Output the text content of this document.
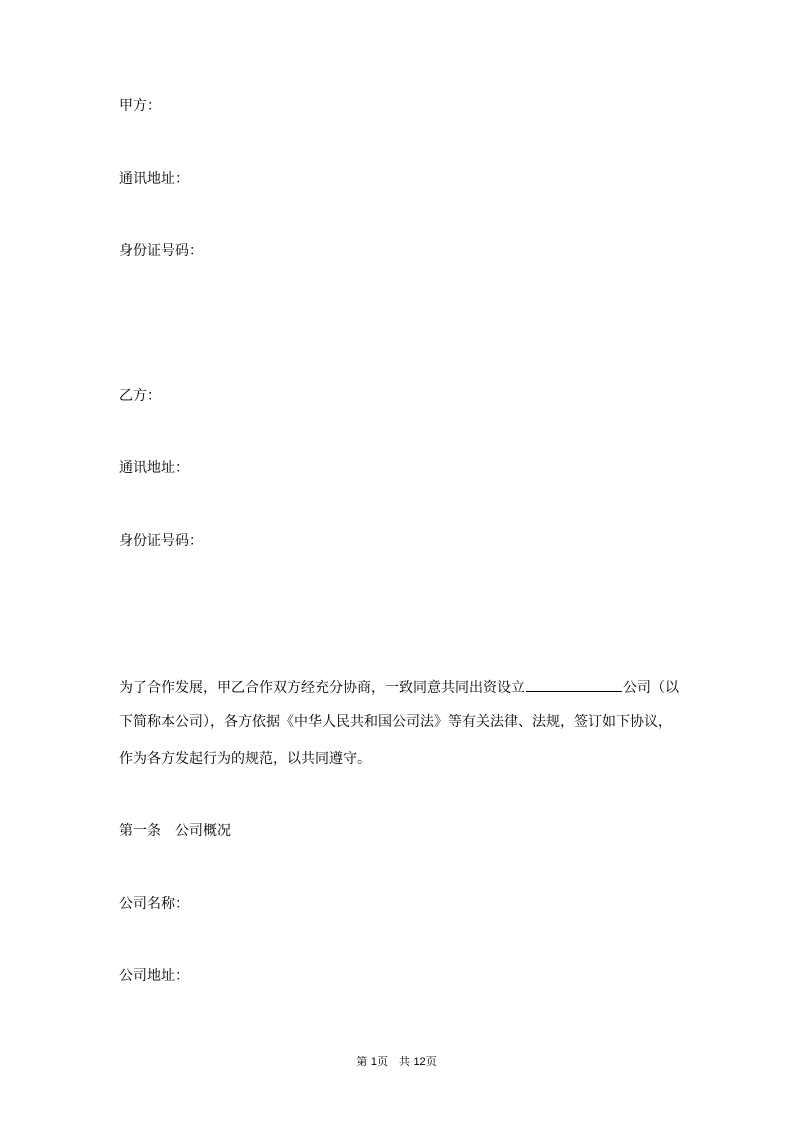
甲方：
通讯地址：
身份证号码：
乙方：
通讯地址：
身份证号码：
为了合作发展，甲乙合作双方经充分协商，一致同意共同出资设立	公司（以
下简称本公司），各方依据《中华人民共和国公司法》等有关法律、法规，签订如下协议，
作为各方发起行为的规范，以共同遵守。
第一条　公司概况
公司名称：
公司地址：
第 1页　共 12页
